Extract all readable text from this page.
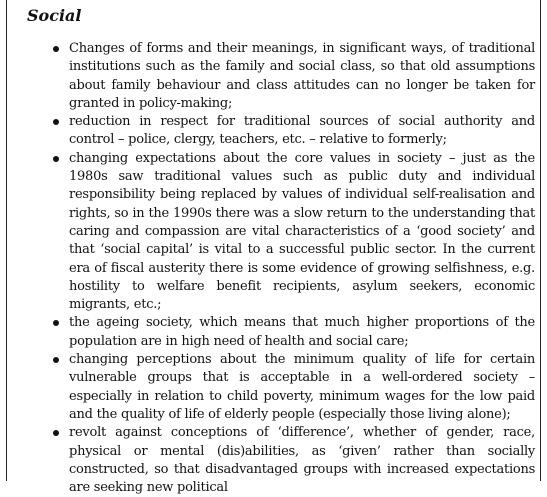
Social
Changes of forms and their meanings, in significant ways, of traditional institutions such as the family and social class, so that old assumptions about family behaviour and class attitudes can no longer be taken for granted in policy-making;
reduction in respect for traditional sources of social authority and control – police, clergy, teachers, etc. – relative to formerly;
changing expectations about the core values in society – just as the 1980s saw traditional values such as public duty and individual responsibility being replaced by values of individual self-realisation and rights, so in the 1990s there was a slow return to the understanding that caring and compassion are vital characteristics of a ‘good society’ and that ‘social capital’ is vital to a successful public sector. In the current era of fiscal austerity there is some evidence of growing selfishness, e.g. hostility to welfare benefit recipients, asylum seekers, economic migrants, etc.;
the ageing society, which means that much higher proportions of the population are in high need of health and social care;
changing perceptions about the minimum quality of life for certain vulnerable groups that is acceptable in a well-ordered society – especially in relation to child poverty, minimum wages for the low paid and the quality of life of elderly people (especially those living alone);
revolt against conceptions of ‘difference’, whether of gender, race, physical or mental (dis)abilities, as ‘given’ rather than socially constructed, so that disadvantaged groups with increased expectations are seeking new political
